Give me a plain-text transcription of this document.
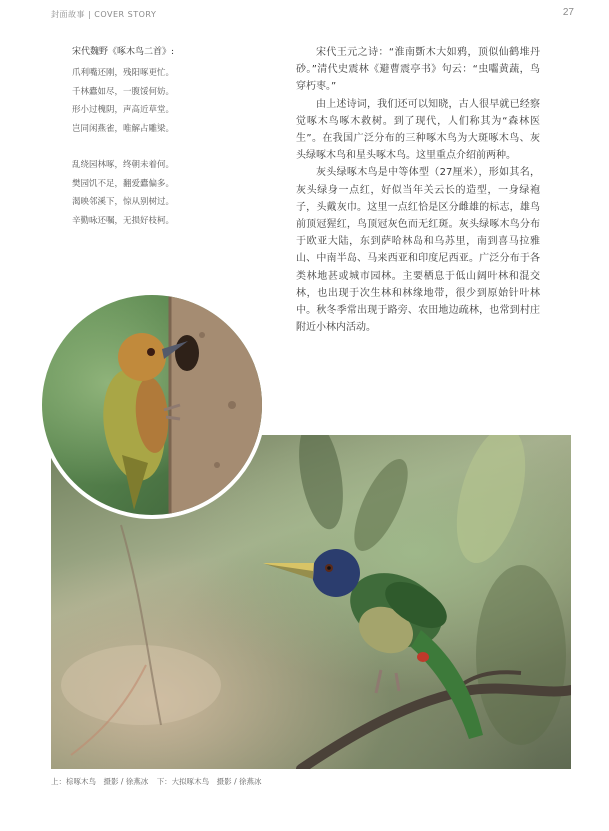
封面故事 | COVER STORY	27
宋代魏野《啄木鸟二首》:
爪利嘴还刚，残阳啄更忙。
千林蠹如尽，一腹馁何妨。
形小过槐阴，声高近草堂。
岂同闲燕雀，唯解占雕梁。
乱绕园林啄，终朝未着何。
樊园饥不足，翻爱蠹偏多。
渴映邻溪下，惊从别树过。
辛勤咏还嘱，无损好枝柯。

宋代王元之诗：“淮南斲木大如鸦，顶似仙鹤堆丹砂。”清代史震林《避曹震亭书》句云：“虫囓黄蔬，鸟穿朽枣。”

由上述诗词，我们还可以知晓，古人很早就已经察觉啄木鸟啄木救树。到了现代，人们称其为“森林医生”。在我国广泛分布的三种啄木鸟为大斑啄木鸟、灰头绿啄木鸟和星头啄木鸟。这里重点介绍前两种。

灰头绿啄木鸟是中等体型（27厘米），形如其名，灰头绿身一点红，好似当年关云长的造型，一身绿袍子，头戴灰巾。这里一点红恰是区分雌雄的标志，雄鸟前顶冠猩红，鸟顶冠灰色而无红斑。灰头绿啄木鸟分布于欧亚大陆，东到萨哈林岛和乌苏里，南到喜马拉雅山、中南半岛、马来西亚和印度尼西亚。广泛分布于各类林地甚或城市园林。主要栖息于低山阔叶林和混交林，也出现于次生林和林缘地带，很少到原始针叶林中。秋冬季常出现于路旁、农田地边疏林，也常到村庄附近小林内活动。

上：棕啄木鸟　摄影 / 徐燕冰 下：大拟啄木鸟　摄影 / 徐燕冰
